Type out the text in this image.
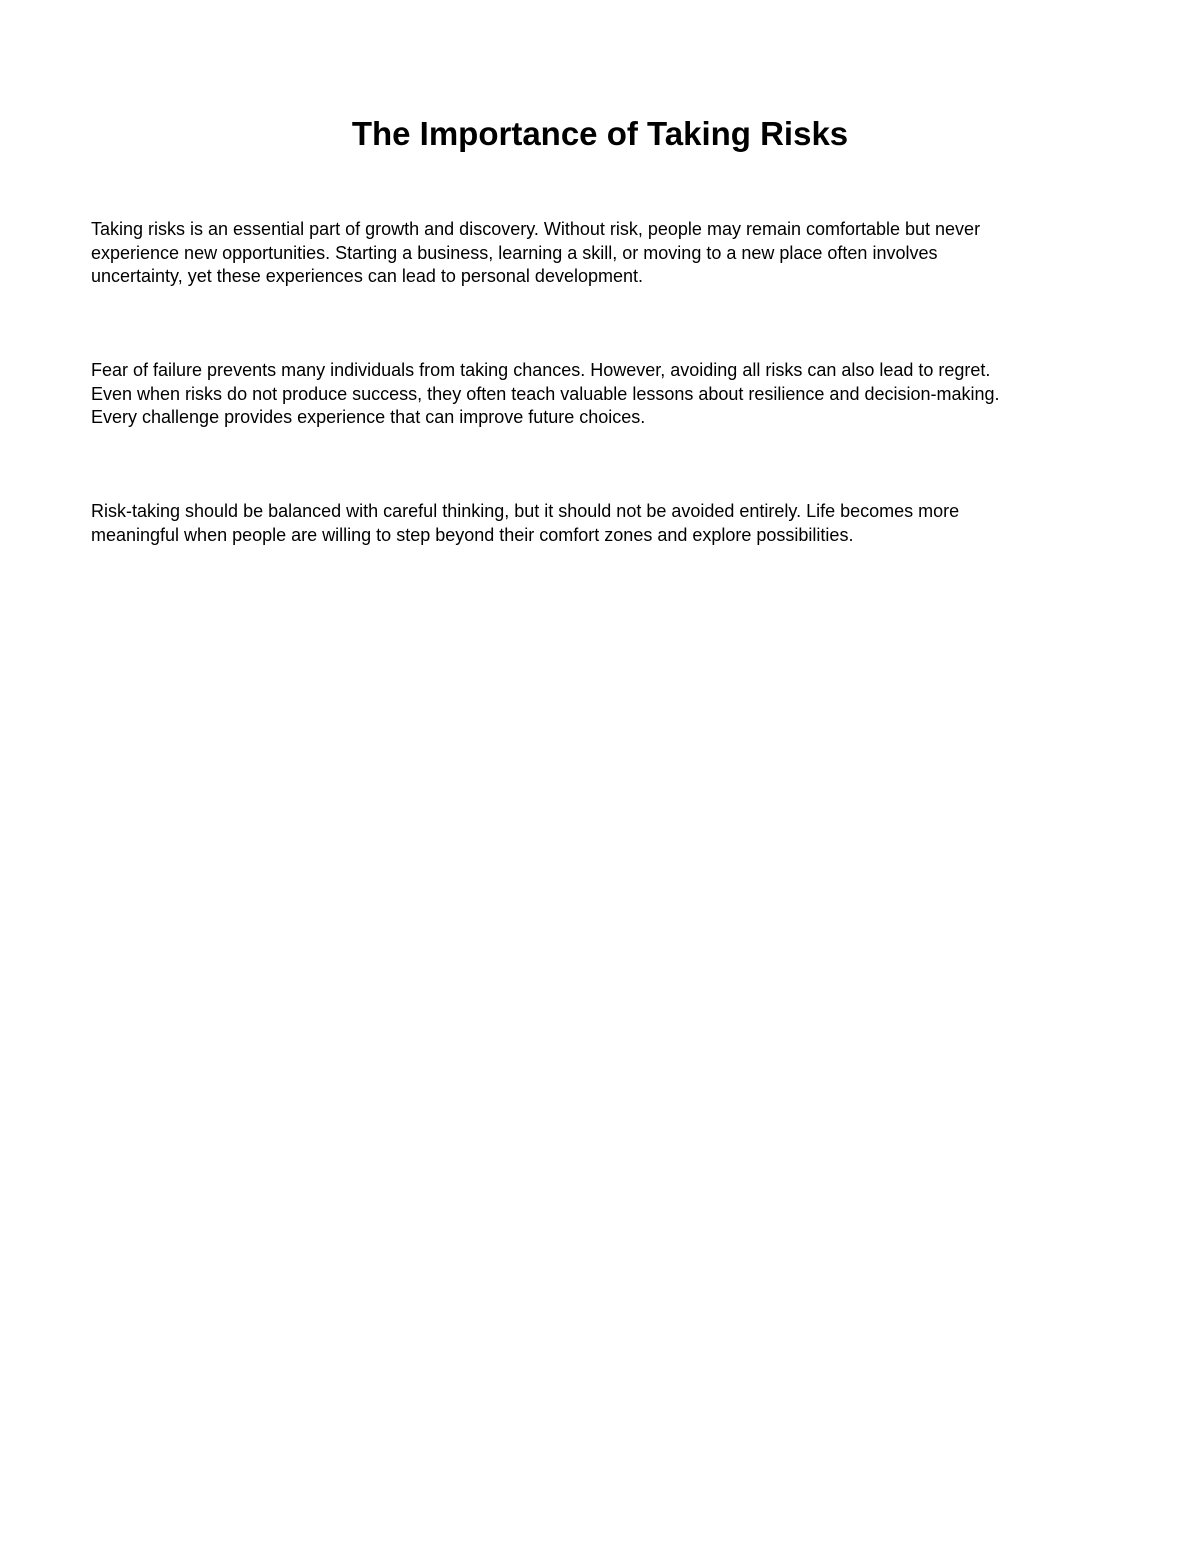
The Importance of Taking Risks

Taking risks is an essential part of growth and discovery. Without risk, people may remain comfortable but never
experience new opportunities. Starting a business, learning a skill, or moving to a new place often involves
uncertainty, yet these experiences can lead to personal development.

Fear of failure prevents many individuals from taking chances. However, avoiding all risks can also lead to regret.
Even when risks do not produce success, they often teach valuable lessons about resilience and decision-making.
Every challenge provides experience that can improve future choices.

Risk-taking should be balanced with careful thinking, but it should not be avoided entirely. Life becomes more
meaningful when people are willing to step beyond their comfort zones and explore possibilities.
